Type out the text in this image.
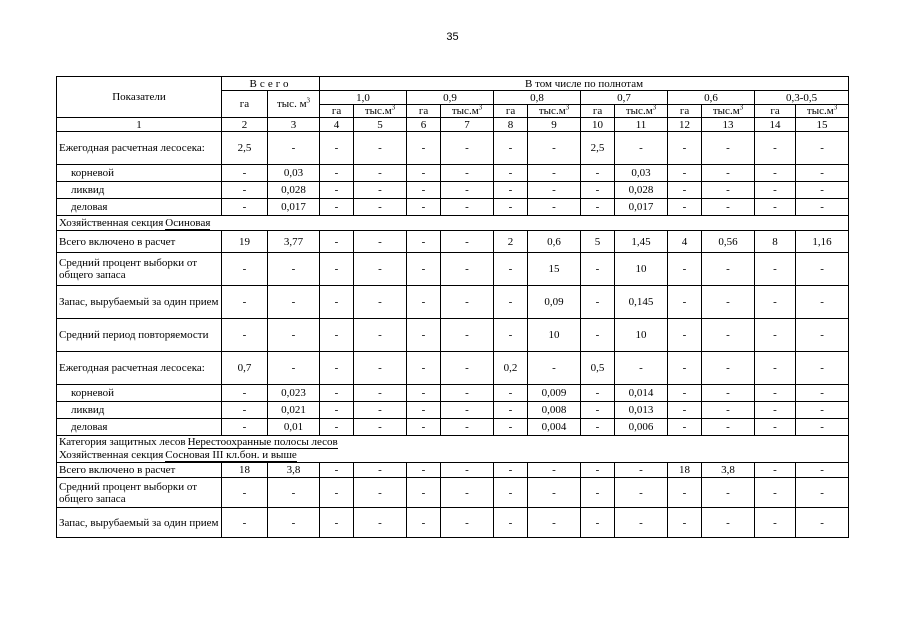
35
Показатели	Всего		В том числе по полнотам											
	га	тыс. $м^3$	1,0		0,9		0,8		0,7		0,6		0,3-0,5	
			га	$тыс.м^3$	га	$тыс.м^3$	га	$тыс.м^3$	га	$тыс.м^3$	га	$тыс.м^3$	га	$тыс.м^3$
1	2	3	4	5	6	7	8	9	10	11	12	13	14	15
Ежегодная расчетная лесосека:	2,5	-	-	-	-	-	-	-	2,5	-	-	-	-	-
корневой	-	0,03	-	-	-	-	-	-	-	0,03	-	-	-	-
ликвид	-	0,028	-	-	-	-	-	-	-	0,028	-	-	-	-
деловая	-	0,017	-	-	-	-	-	-	-	0,017	-	-	-	-

Хозяйственная секция Осиновая														

Всего включено в расчет	19	3,77	-	-	-	-	2	0,6	5	1,45	4	0,56	8	1,16
Средний процент выборки от общего запаса	-	-	-	-	-	-	-	15	-	10	-	-	-	-
Запас, вырубаемый за один прием	-	-	-	-	-	-	-	0,09	-	0,145	-	-	-	-
Средний период повторяемости	-	-	-	-	-	-	-	10	-	10	-	-	-	-
Ежегодная расчетная лесосека:	0,7	-	-	-	-	-	0,2	-	0,5	-	-	-	-	-
корневой	-	0,023	-	-	-	-	-	0,009	-	0,014	-	-	-	-
ликвид	-	0,021	-	-	-	-	-	0,008	-	0,013	-	-	-	-
деловая	-	0,01	-	-	-	-	-	0,004	-	0,006	-	-	-	-

Категория защитных лесов Нерестоохранные полосы лесов
Хозяйственная секция Сосновая III кл.бон. и выше														

Всего включено в расчет	18	3,8	-	-	-	-	-	-	-	-	18	3,8	-	-
Средний процент выборки от общего запаса	-	-	-	-	-	-	-	-	-	-	-	-	-	-
Запас, вырубаемый за один прием	-	-	-	-	-	-	-	-	-	-	-	-	-	-
